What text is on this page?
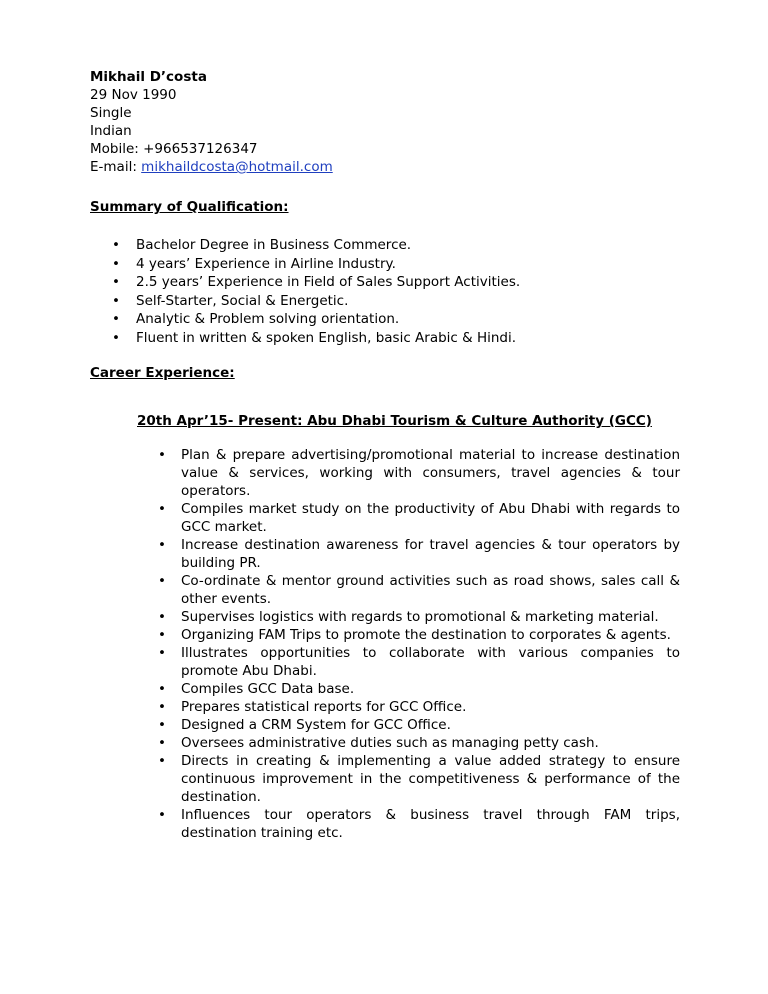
Mikhail D’costa
29 Nov 1990
Single
Indian
Mobile: +966537126347
E-mail: mikhaildcosta@hotmail.com
Summary of Qualification:
• Bachelor Degree in Business Commerce.
• 4 years’ Experience in Airline Industry.
• 2.5 years’ Experience in Field of Sales Support Activities.
• Self-Starter, Social & Energetic.
• Analytic & Problem solving orientation.
• Fluent in written & spoken English, basic Arabic & Hindi.
Career Experience:
20th Apr’15- Present: Abu Dhabi Tourism & Culture Authority (GCC)
• Plan & prepare advertising/promotional material to increase destination value & services, working with consumers, travel agencies & tour operators.
• Compiles market study on the productivity of Abu Dhabi with regards to GCC market.
• Increase destination awareness for travel agencies & tour operators by building PR.
• Co-ordinate & mentor ground activities such as road shows, sales call & other events.
• Supervises logistics with regards to promotional & marketing material.
• Organizing FAM Trips to promote the destination to corporates & agents.
• Illustrates opportunities to collaborate with various companies to promote Abu Dhabi.
• Compiles GCC Data base.
• Prepares statistical reports for GCC Office.
• Designed a CRM System for GCC Office.
• Oversees administrative duties such as managing petty cash.
• Directs in creating & implementing a value added strategy to ensure continuous improvement in the competitiveness & performance of the destination.
• Influences tour operators & business travel through FAM trips, destination training etc.
